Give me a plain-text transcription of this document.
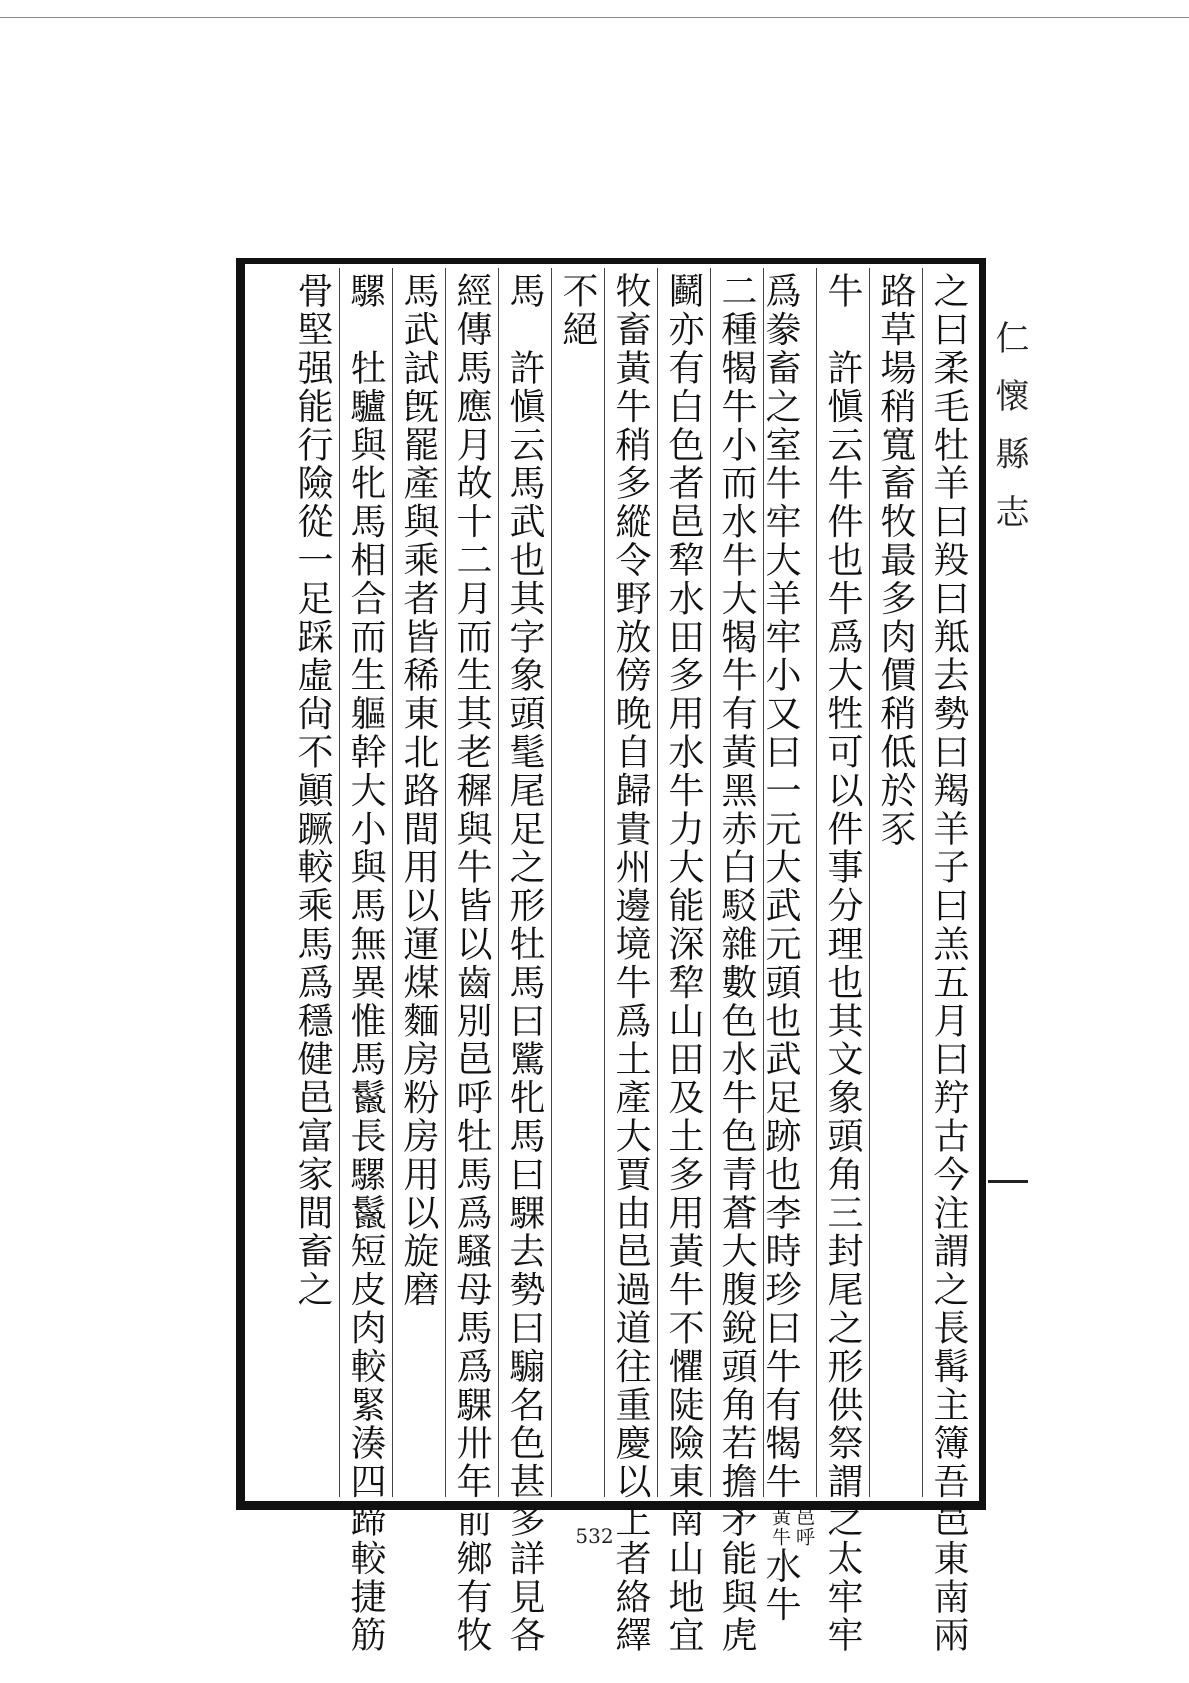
仁懷縣志
之曰柔毛牡羊曰羖曰羝去勢曰羯羊子曰羔五月曰羜古今注謂之長髯主簿吾邑東南兩
路草場稍寬畜牧最多肉價稍低於豕
牛　許愼云牛件也牛爲大牲可以件事分理也其文象頭角三封尾之形供祭謂之太牢牢
爲豢畜之室牛牢大羊牢小又曰一元大武元頭也武足跡也李時珍曰牛有㹇牛邑呼
黃牛水牛
二種㹇牛小而水牛大㹇牛有黃黑赤白駁雜數色水牛色青蒼大腹銳頭角若擔矛能與虎
鬬亦有白色者邑犂水田多用水牛力大能深犂山田及土多用黃牛不懼陡險東南山地宜
牧畜黃牛稍多縱令野放傍晚自歸貴州邊境牛爲土產大賈由邑過道往重慶以上者絡繹
不絕
馬　許愼云馬武也其字象頭髦尾足之形牡馬曰騭牝馬曰騍去勢曰騸名色甚多詳見各
經傳馬應月故十二月而生其老穉與牛皆以齒別邑呼牡馬爲騷母馬爲騍卅年前鄉有牧
馬武試旣罷產與乘者皆稀東北路間用以運煤麵房粉房用以旋磨
騾　牡驢與牝馬相合而生軀幹大小與馬無異惟馬鬣長騾鬣短皮肉較緊湊四蹄較捷筋
骨堅强能行險從一足踩虛尙不顚蹶較乘馬爲穩健邑富家間畜之
532
